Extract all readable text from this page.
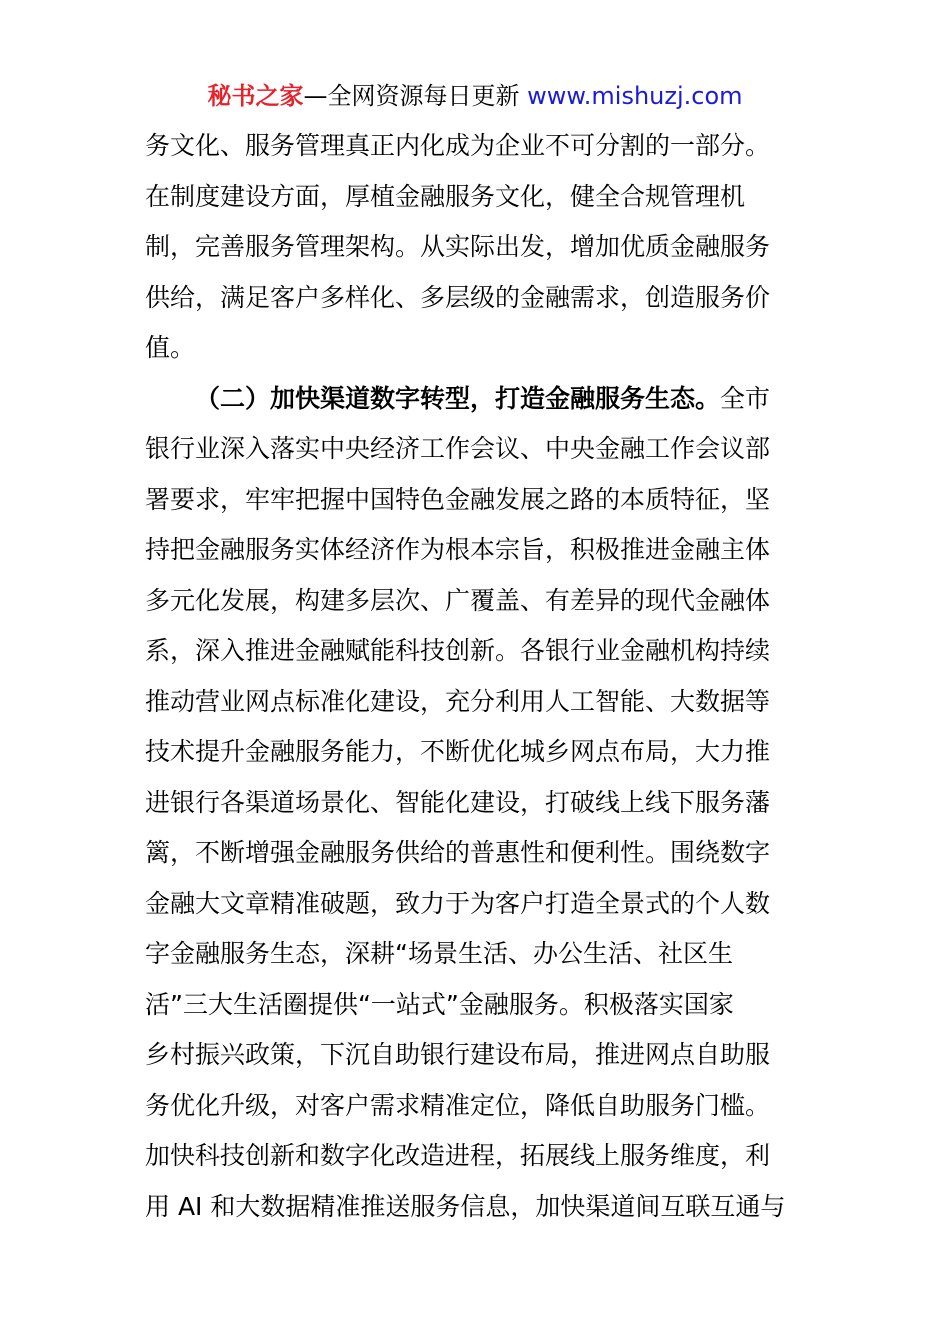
秘书之家—全网资源每日更新 www.mishuzj.com
务文化、服务管理真正内化成为企业不可分割的一部分。
在制度建设方面，厚植金融服务文化，健全合规管理机
制，完善服务管理架构。从实际出发，增加优质金融服务
供给，满足客户多样化、多层级的金融需求，创造服务价
值。
（二）加快渠道数字转型，打造金融服务生态。全市
银行业深入落实中央经济工作会议、中央金融工作会议部
署要求，牢牢把握中国特色金融发展之路的本质特征，坚
持把金融服务实体经济作为根本宗旨，积极推进金融主体
多元化发展，构建多层次、广覆盖、有差异的现代金融体
系，深入推进金融赋能科技创新。各银行业金融机构持续
推动营业网点标准化建设，充分利用人工智能、大数据等
技术提升金融服务能力，不断优化城乡网点布局，大力推
进银行各渠道场景化、智能化建设，打破线上线下服务藩
篱，不断增强金融服务供给的普惠性和便利性。围绕数字
金融大文章精准破题，致力于为客户打造全景式的个人数
字金融服务生态，深耕“场景生活、办公生活、社区生
活”三大生活圈提供“一站式”金融服务。积极落实国家
乡村振兴政策，下沉自助银行建设布局，推进网点自助服
务优化升级，对客户需求精准定位，降低自助服务门槛。
加快科技创新和数字化改造进程，拓展线上服务维度，利
用 AI 和大数据精准推送服务信息，加快渠道间互联互通与
